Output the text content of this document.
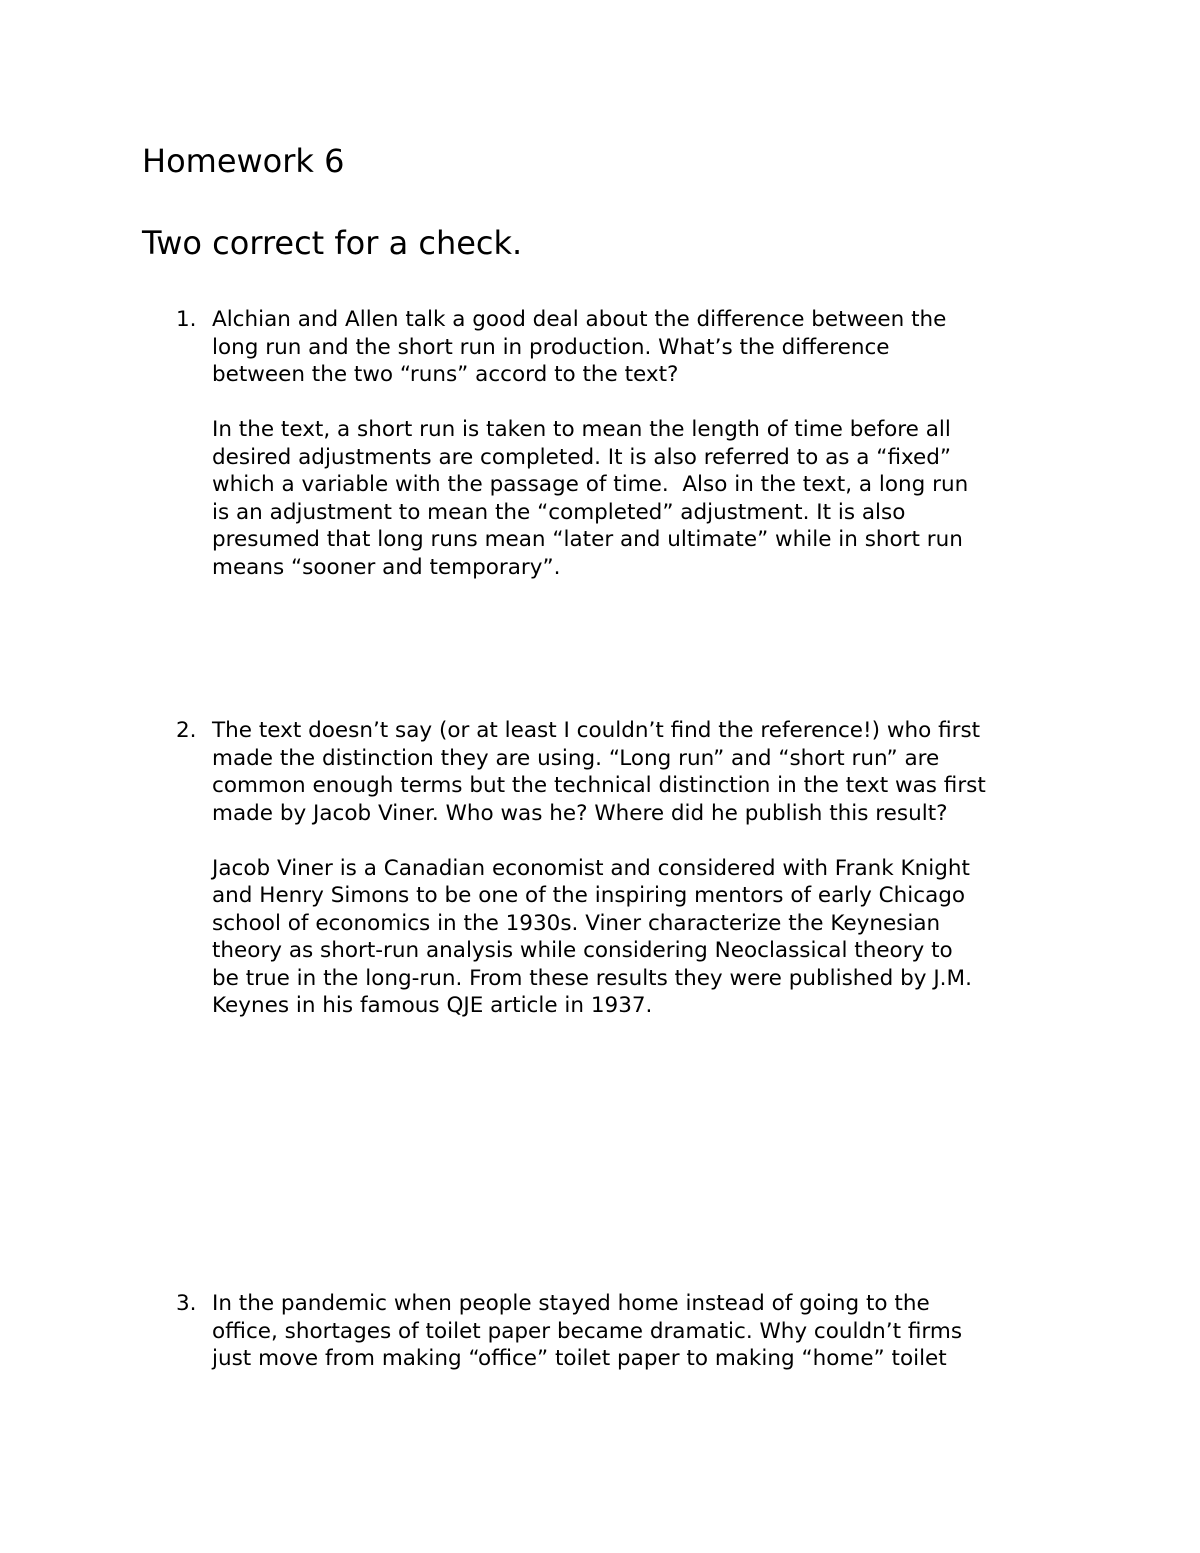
Homework 6
Two correct for a check.
1. Alchian and Allen talk a good deal about the difference between the
long run and the short run in production. What’s the difference
between the two “runs” accord to the text?
In the text, a short run is taken to mean the length of time before all
desired adjustments are completed. It is also referred to as a “fixed”
which a variable with the passage of time.  Also in the text, a long run
is an adjustment to mean the “completed” adjustment. It is also
presumed that long runs mean “later and ultimate” while in short run
means “sooner and temporary”.
2. The text doesn’t say (or at least I couldn’t find the reference!) who first
made the distinction they are using. “Long run” and “short run” are
common enough terms but the technical distinction in the text was first
made by Jacob Viner. Who was he? Where did he publish this result?
Jacob Viner is a Canadian economist and considered with Frank Knight
and Henry Simons to be one of the inspiring mentors of early Chicago
school of economics in the 1930s. Viner characterize the Keynesian
theory as short-run analysis while considering Neoclassical theory to
be true in the long-run. From these results they were published by J.M.
Keynes in his famous QJE article in 1937.
3. In the pandemic when people stayed home instead of going to the
office, shortages of toilet paper became dramatic. Why couldn’t firms
just move from making “office” toilet paper to making “home” toilet
